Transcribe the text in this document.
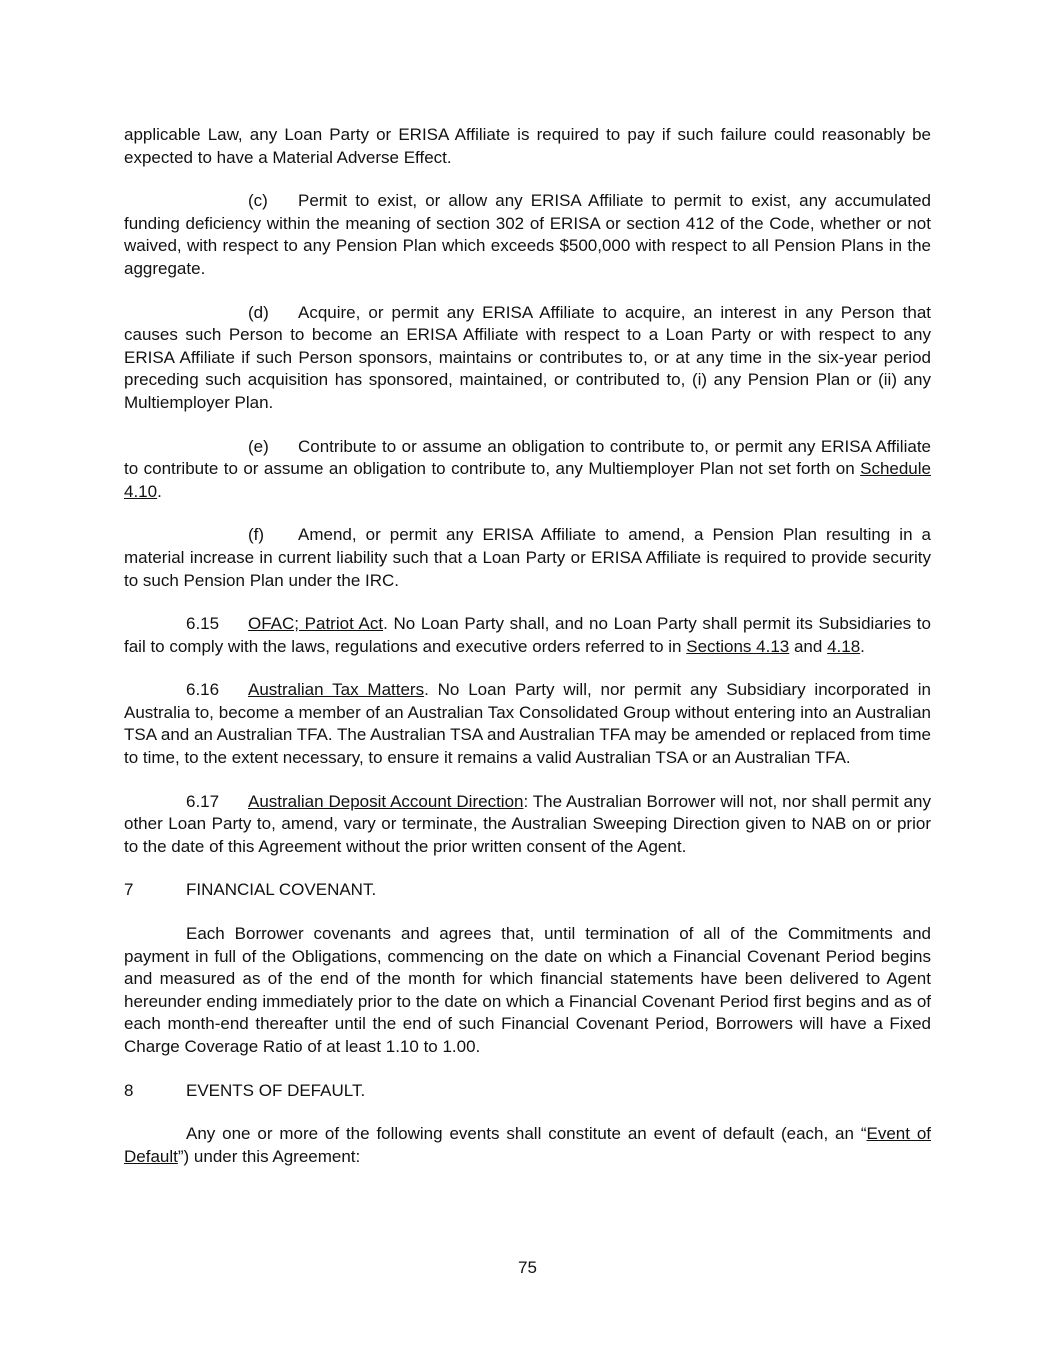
applicable Law, any Loan Party or ERISA Affiliate is required to pay if such failure could reasonably be expected to have a Material Adverse Effect.

(c) Permit to exist, or allow any ERISA Affiliate to permit to exist, any accumulated funding deficiency within the meaning of section 302 of ERISA or section 412 of the Code, whether or not waived, with respect to any Pension Plan which exceeds $500,000 with respect to all Pension Plans in the aggregate.

(d) Acquire, or permit any ERISA Affiliate to acquire, an interest in any Person that causes such Person to become an ERISA Affiliate with respect to a Loan Party or with respect to any ERISA Affiliate if such Person sponsors, maintains or contributes to, or at any time in the six-year period preceding such acquisition has sponsored, maintained, or contributed to, (i) any Pension Plan or (ii) any Multiemployer Plan.

(e) Contribute to or assume an obligation to contribute to, or permit any ERISA Affiliate to contribute to or assume an obligation to contribute to, any Multiemployer Plan not set forth on Schedule 4.10.

(f) Amend, or permit any ERISA Affiliate to amend, a Pension Plan resulting in a material increase in current liability such that a Loan Party or ERISA Affiliate is required to provide security to such Pension Plan under the IRC.

6.15 OFAC; Patriot Act. No Loan Party shall, and no Loan Party shall permit its Subsidiaries to fail to comply with the laws, regulations and executive orders referred to in Sections 4.13 and 4.18.

6.16 Australian Tax Matters. No Loan Party will, nor permit any Subsidiary incorporated in Australia to, become a member of an Australian Tax Consolidated Group without entering into an Australian TSA and an Australian TFA. The Australian TSA and Australian TFA may be amended or replaced from time to time, to the extent necessary, to ensure it remains a valid Australian TSA or an Australian TFA.

6.17 Australian Deposit Account Direction: The Australian Borrower will not, nor shall permit any other Loan Party to, amend, vary or terminate, the Australian Sweeping Direction given to NAB on or prior to the date of this Agreement without the prior written consent of the Agent.

7	FINANCIAL COVENANT.

Each Borrower covenants and agrees that, until termination of all of the Commitments and payment in full of the Obligations, commencing on the date on which a Financial Covenant Period begins and measured as of the end of the month for which financial statements have been delivered to Agent hereunder ending immediately prior to the date on which a Financial Covenant Period first begins and as of each month-end thereafter until the end of such Financial Covenant Period, Borrowers will have a Fixed Charge Coverage Ratio of at least 1.10 to 1.00.

8	EVENTS OF DEFAULT.

Any one or more of the following events shall constitute an event of default (each, an “Event of Default”) under this Agreement:

75
